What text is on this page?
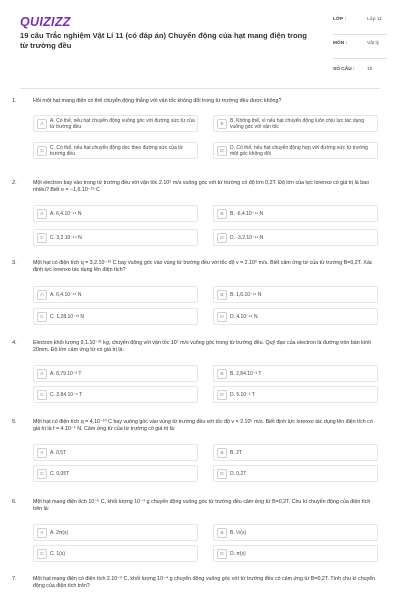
QUIZIZZ
19 câu Trắc nghiệm Vật Lí 11 (có đáp án) Chuyển động của hạt mang điện trong từ trường đều
LỚP :	Lớp 11
MÔN :	Vật lý
SỐ CÂU :	19
1.	Hỏi một hạt mang điện có thể chuyển động thẳng với vận tốc không đổi trong từ trường đều được không?
A
A. Có thể, nếu hạt chuyển động vuông góc với đường sức từ của từ trường đều	B
B. Không thể, vì nếu hạt chuyển động luôn chịu lực tác dụng vuông góc với vận tốc
C
C. Có thể, nếu hạt chuyển động dọc theo đường sức của từ trường đều	D
D. Có thể, nếu hạt chuyển động hợp với đường sức từ trường một góc không đổi
2.	Một electron bay vào trong từ trường đều với vận tốc 2.10⁶ m/s vuông góc với từ trường có độ lớn 0,2T. Độ lớn của lực lorenxo có giá trị là bao nhiêu? Biết e = −1,6.10⁻¹⁹ C
A	A. 6,4.10⁻¹⁴ N	B	B. -6,4.10⁻¹⁴ N
C	C. 3,2.10⁻¹⁴ N	D	D. -3,2.10⁻¹⁴ N
3.	Một hạt có điện tích q = 3,2.10⁻¹⁹ C bay vuông góc vào vùng từ trường đều với tốc độ v = 2.10⁶ m/s. Biết cảm ứng từ của từ trường B=0,2T. Xác định lực lorenxo tác dụng lên điện tích?
A	A. 6,4.10⁻¹⁴ N	B	B. 1,6.10⁻¹⁴ N
C	C. 1,28.10⁻¹³ N	D	D. 4.10⁻¹⁴ N
4.	Electron khối lượng 9,1.10⁻³¹ kg, chuyển động với vận tốc 10⁷ m/s vuông góc trong từ trường đều. Quỹ đạo của electron là đường tròn bán kính 20mm. Độ lớn cảm ứng từ có giá trị là:
A	A. 8,79.10⁻³ T	B	B. 2,84.10⁻³ T
C	C. 2,84.10⁻⁵ T	D	D. 5.10⁻³ T
5.	Một hạt có điện tích q = 4,10⁻¹⁰ C bay vuông góc vào vùng từ trường đều với tốc độ v = 2.10⁵ m/s. Biết định lực lorenxo tác dụng lên điện tích có giá trị là f = 4.10⁻⁵ N. Cảm ứng từ của từ trường có giá trị là:
A	A. 0,5T	B	B. 2T
C	C. 0,05T	D	D. 0,2T
6.	Một hạt mang điện tích 10⁻⁶ C, khối lượng 10⁻⁴ g chuyển động vuông góc từ trường đều cảm ứng từ B=0,2T. Chu kì chuyển động của điện tích trên là:
A	A. 2π(s)	B	B. ½(s)
C	C. 1(s)	D	D. π(s)
7.	Một hạt mang điện có điện tích 2.10⁻⁶ C, khối lượng 10⁻⁴ g chuyển động vuông góc với từ trường đều có cảm ứng từ B=0,2T. Tính chu kì chuyển động của điện tích trên?
